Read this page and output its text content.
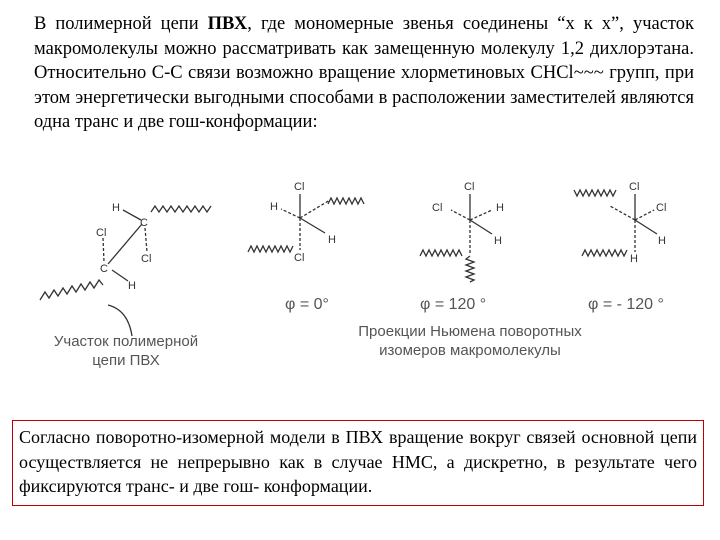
В полимерной цепи ПВХ, где мономерные звенья соединены “х к х”, участок макромолекулы можно рассматривать как замещенную молекулу 1,2 дихлорэтана. Относительно С-С связи возможно вращение хлорметиновых СНСl~~~ групп, при этом энергетически выгодными способами в расположении заместителей являются одна транс и две гош-конформации:

H
C
Cl
C
Cl
H
Cl
H
H
Cl
Cl
Cl	H
H
Cl
Cl
H
H
φ = 0°	φ = 120 °	φ = - 120 °

Участок полимерной
цепи ПВХ

Проекции Ньюмена поворотных
изомеров макромолекулы

Согласно поворотно-изомерной модели в ПВХ вращение вокруг связей основной цепи осуществляется не непрерывно как в случае НМС, а дискретно, в результате чего фиксируются транс- и две гош- конформации.
